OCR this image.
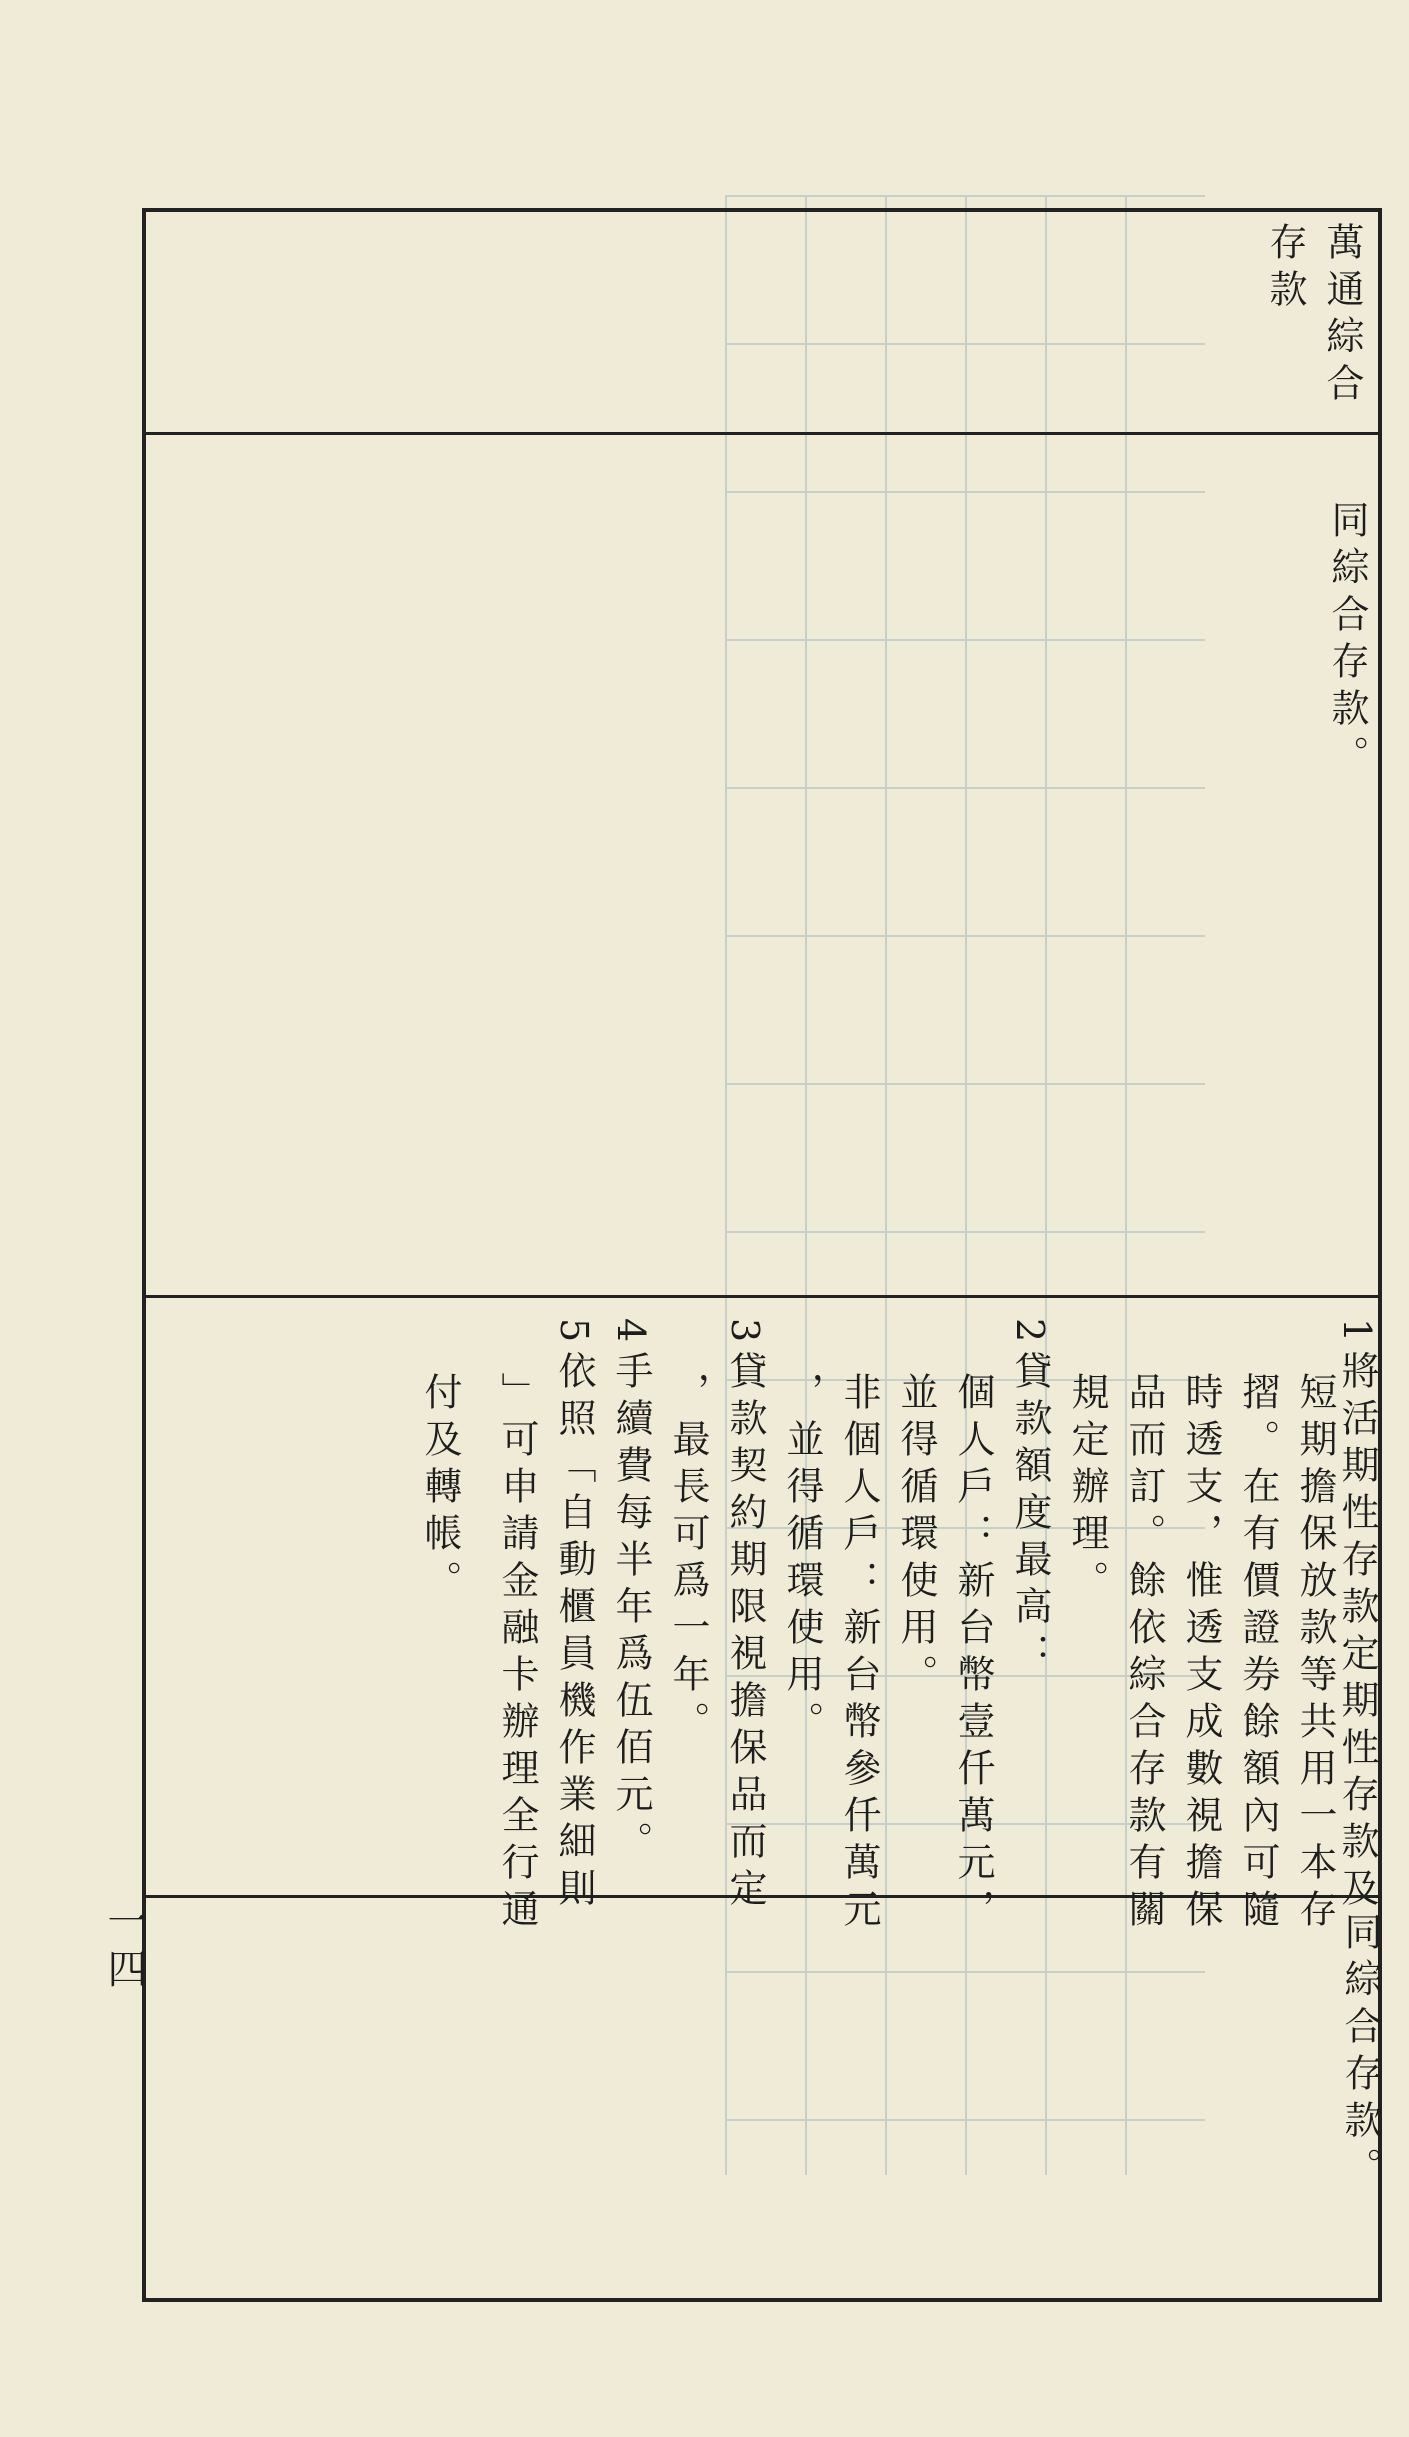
萬通綜合
存款
同綜合存款。
1將活期性存款定期性存款及
短期擔保放款等共用一本存
摺。在有價證券餘額內可隨
時透支，惟透支成數視擔保
品而訂。餘依綜合存款有關
規定辦理。
2貸款額度最高：
個人戶：新台幣壹仟萬元，
並得循環使用。
非個人戶：新台幣參仟萬元
，並得循環使用。
3貸款契約期限視擔保品而定
，最長可爲一年。
4手續費每半年爲伍佰元。
5依照「自動櫃員機作業細則
」可申請金融卡辦理全行通
付及轉帳。
同綜合存款。
一四
